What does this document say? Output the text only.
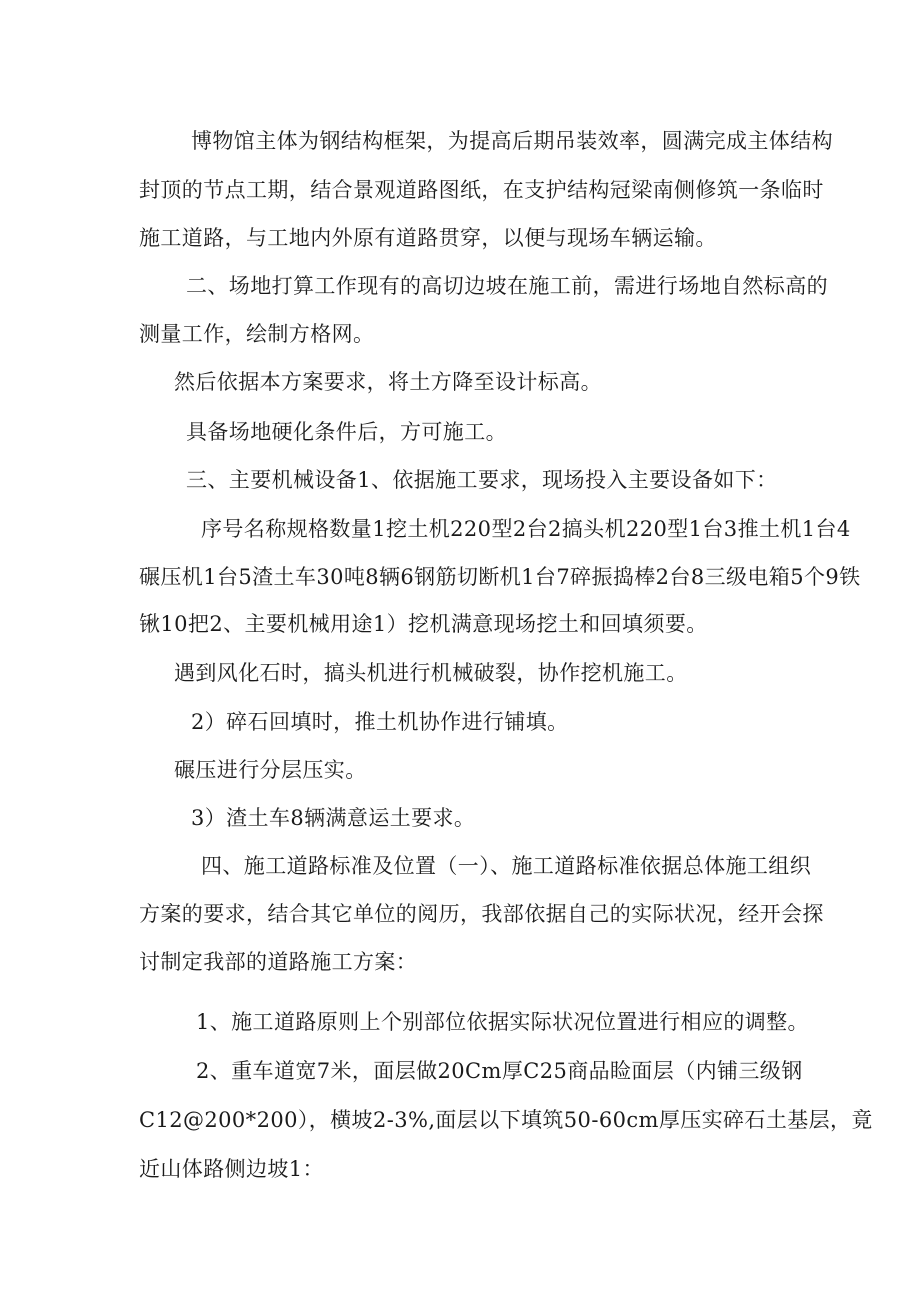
博物馆主体为钢结构框架，为提高后期吊装效率，圆满完成主体结构
封顶的节点工期，结合景观道路图纸，在支护结构冠梁南侧修筑一条临时
施工道路，与工地内外原有道路贯穿，以便与现场车辆运输。
二、场地打算工作现有的高切边坡在施工前，需进行场地自然标高的
测量工作，绘制方格网。
然后依据本方案要求，将土方降至设计标高。
具备场地硬化条件后，方可施工。
三、主要机械设备1、依据施工要求，现场投入主要设备如下：
序号名称规格数量1挖土机220型2台2搞头机220型1台3推土机1台4
碾压机1台5渣土车30吨8辆6钢筋切断机1台7碎振捣棒2台8三级电箱5个9铁
锹10把2、主要机械用途1）挖机满意现场挖土和回填须要。
遇到风化石时，搞头机进行机械破裂，协作挖机施工。
2）碎石回填时，推土机协作进行铺填。
碾压进行分层压实。
3）渣土车8辆满意运土要求。
四、施工道路标准及位置（一）、施工道路标准依据总体施工组织
方案的要求，结合其它单位的阅历，我部依据自己的实际状况，经开会探
讨制定我部的道路施工方案：
1、施工道路原则上个别部位依据实际状况位置进行相应的调整。
2、重车道宽7米，面层做20Cm厚C25商品睑面层（内铺三级钢
C12@200*200），横坡2-3%,面层以下填筑50-60cm厚压实碎石土基层，竟
近山体路侧边坡1：
